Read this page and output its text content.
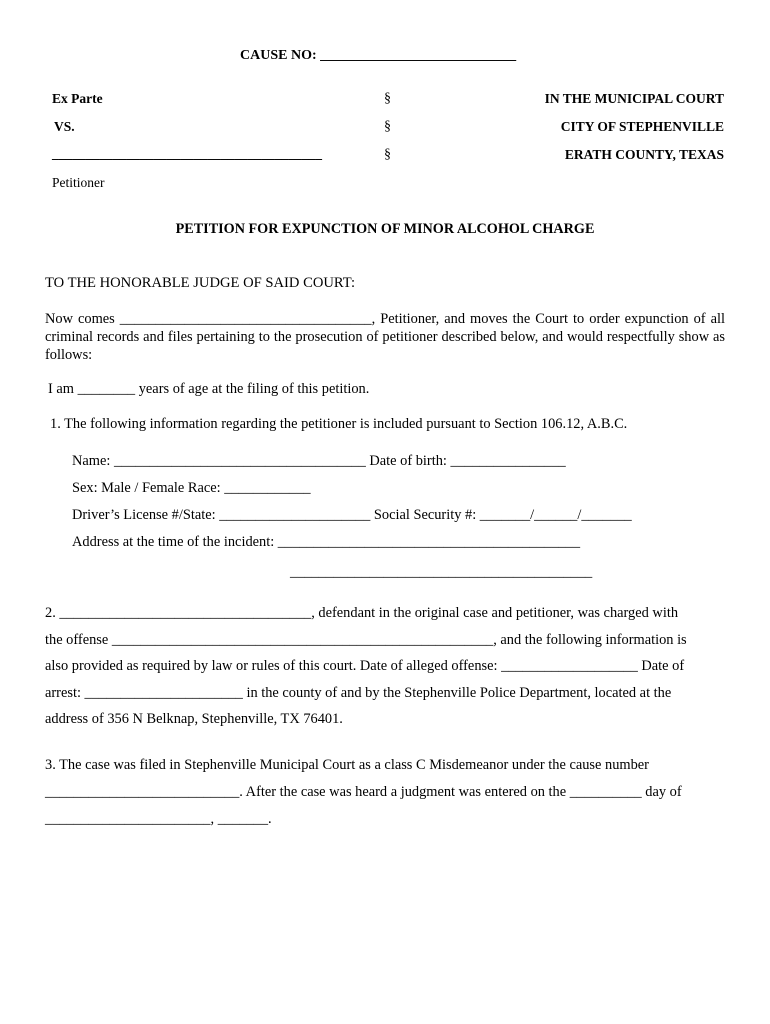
CAUSE NO: ____________________________
Ex Parte
VS.
________________________________________
Petitioner
§
§
§
IN THE MUNICIPAL COURT
CITY OF STEPHENVILLE
ERATH COUNTY, TEXAS
PETITION FOR EXPUNCTION OF MINOR ALCOHOL CHARGE
TO THE HONORABLE JUDGE OF SAID COURT:
Now comes ___________________________________, Petitioner, and moves the Court to order expunction of all criminal records and files pertaining to the prosecution of petitioner described below, and would respectfully show as follows:
I am ________ years of age at the filing of this petition.
1. The following information regarding the petitioner is included pursuant to Section 106.12, A.B.C.
Name: ___________________________________ Date of birth: ________________
Sex: Male / Female Race: ____________
Driver’s License #/State: _____________________ Social Security #: _______/______/_______
Address at the time of the incident: __________________________________________
__________________________________________
2. ___________________________________, defendant in the original case and petitioner, was charged with
the offense _____________________________________________________, and the following information is
also provided as required by law or rules of this court. Date of alleged offense: ___________________ Date of
arrest: ______________________ in the county of and by the Stephenville Police Department, located at the
address of 356 N Belknap, Stephenville, TX 76401.
3. The case was filed in Stephenville Municipal Court as a class C Misdemeanor under the cause number
___________________________. After the case was heard a judgment was entered on the __________ day of
_______________________, _______.
